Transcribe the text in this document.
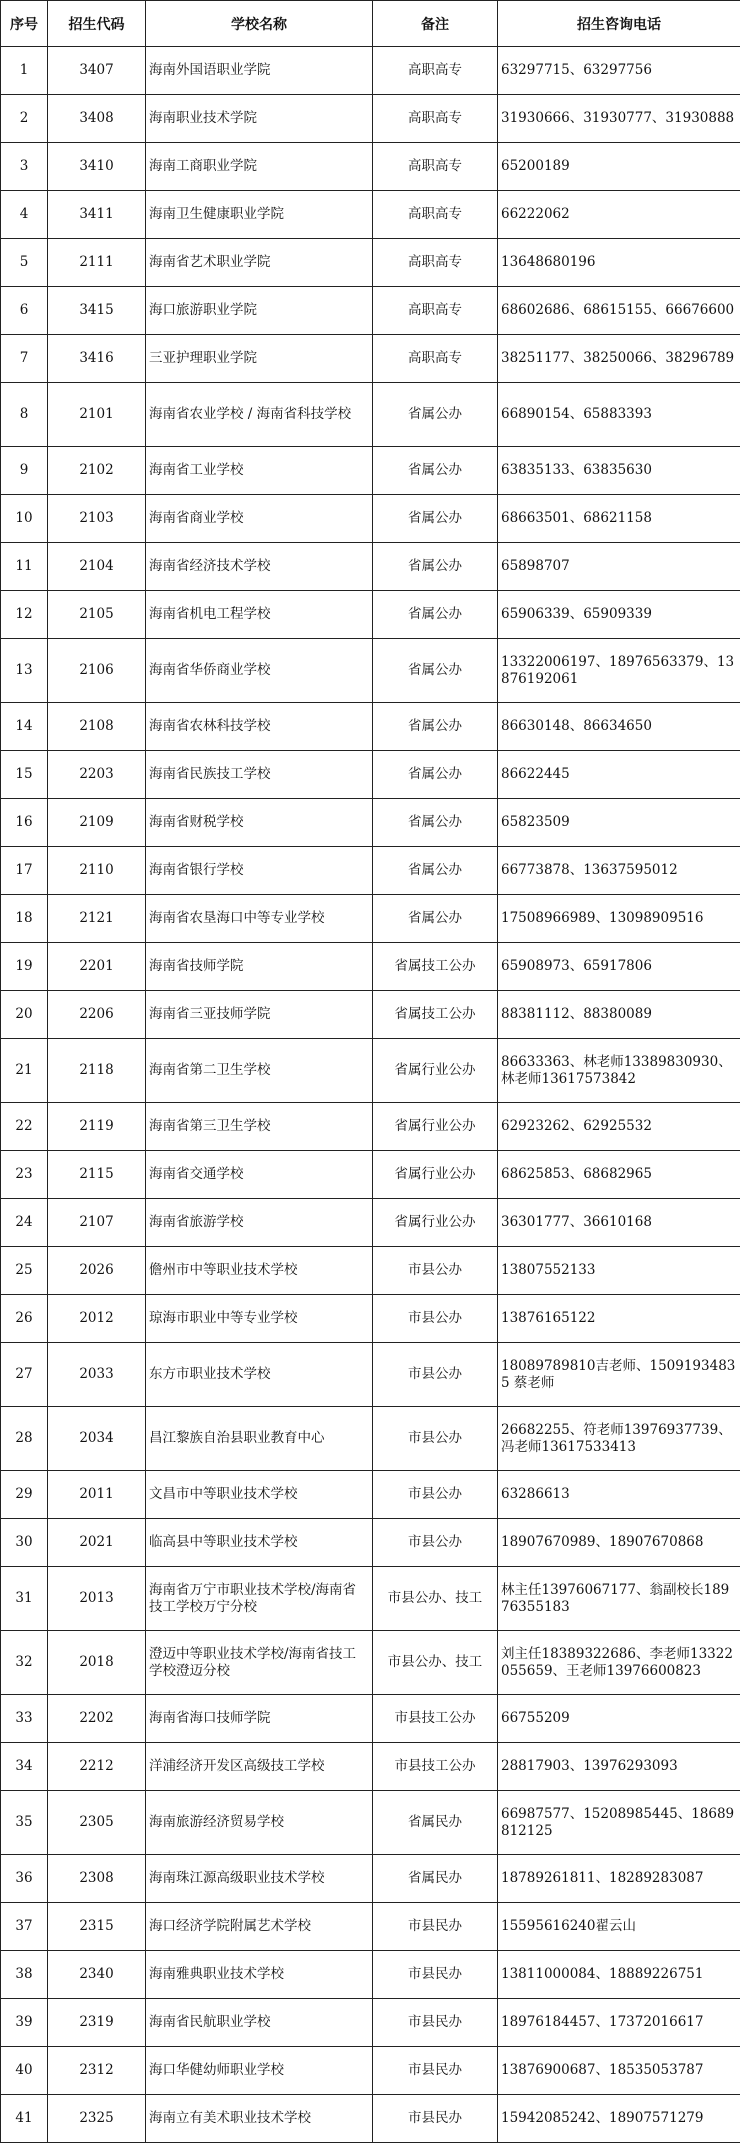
序号	招生代码	学校名称	备注	招生咨询电话
1	3407	海南外国语职业学院	高职高专	63297715、63297756
2	3408	海南职业技术学院	高职高专	31930666、31930777、31930888
3	3410	海南工商职业学院	高职高专	65200189
4	3411	海南卫生健康职业学院	高职高专	66222062
5	2111	海南省艺术职业学院	高职高专	13648680196
6	3415	海口旅游职业学院	高职高专	68602686、68615155、66676600
7	3416	三亚护理职业学院	高职高专	38251177、38250066、38296789
8	2101	海南省农业学校 / 海南省科技学校	省属公办	66890154、65883393
9	2102	海南省工业学校	省属公办	63835133、63835630
10	2103	海南省商业学校	省属公办	68663501、68621158
11	2104	海南省经济技术学校	省属公办	65898707
12	2105	海南省机电工程学校	省属公办	65906339、65909339
13	2106	海南省华侨商业学校	省属公办	13322006197、18976563379、13876192061
14	2108	海南省农林科技学校	省属公办	86630148、86634650
15	2203	海南省民族技工学校	省属公办	86622445
16	2109	海南省财税学校	省属公办	65823509
17	2110	海南省银行学校	省属公办	66773878、13637595012
18	2121	海南省农垦海口中等专业学校	省属公办	17508966989、13098909516
19	2201	海南省技师学院	省属技工公办	65908973、65917806
20	2206	海南省三亚技师学院	省属技工公办	88381112、88380089
21	2118	海南省第二卫生学校	省属行业公办	86633363、林老师13389830930、林老师13617573842
22	2119	海南省第三卫生学校	省属行业公办	62923262、62925532
23	2115	海南省交通学校	省属行业公办	68625853、68682965
24	2107	海南省旅游学校	省属行业公办	36301777、36610168
25	2026	儋州市中等职业技术学校	市县公办	13807552133
26	2012	琼海市职业中等专业学校	市县公办	13876165122
27	2033	东方市职业技术学校	市县公办	18089789810吉老师、15091934835 蔡老师
28	2034	昌江黎族自治县职业教育中心	市县公办	26682255、符老师13976937739、冯老师13617533413
29	2011	文昌市中等职业技术学校	市县公办	63286613
30	2021	临高县中等职业技术学校	市县公办	18907670989、18907670868
31	2013	海南省万宁市职业技术学校/海南省技工学校万宁分校	市县公办、技工	林主任13976067177、翁副校长18976355183
32	2018	澄迈中等职业技术学校/海南省技工学校澄迈分校	市县公办、技工	刘主任18389322686、李老师13322055659、王老师13976600823
33	2202	海南省海口技师学院	市县技工公办	66755209
34	2212	洋浦经济开发区高级技工学校	市县技工公办	28817903、13976293093
35	2305	海南旅游经济贸易学校	省属民办	66987577、15208985445、18689812125
36	2308	海南珠江源高级职业技术学校	省属民办	18789261811、18289283087
37	2315	海口经济学院附属艺术学校	市县民办	15595616240翟云山
38	2340	海南雅典职业技术学校	市县民办	13811000084、18889226751
39	2319	海南省民航职业学校	市县民办	18976184457、17372016617
40	2312	海口华健幼师职业学校	市县民办	13876900687、18535053787
41	2325	海南立有美术职业技术学校	市县民办	15942085242、18907571279
